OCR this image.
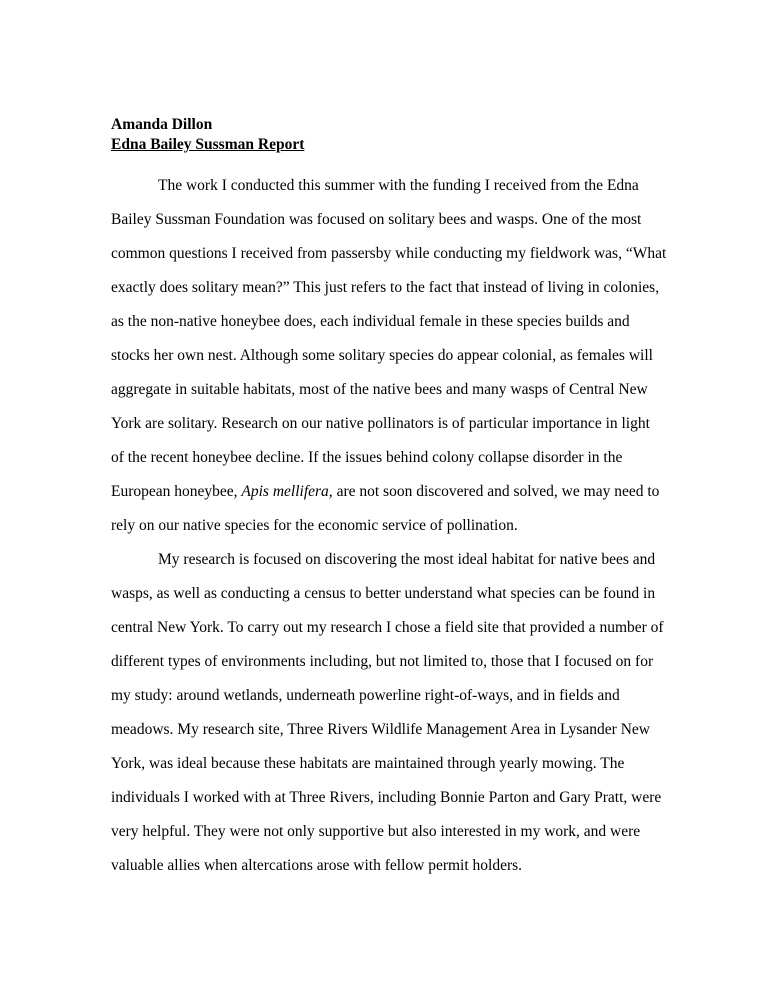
Amanda Dillon
Edna Bailey Sussman Report
The work I conducted this summer with the funding I received from the Edna
Bailey Sussman Foundation was focused on solitary bees and wasps. One of the most
common questions I received from passersby while conducting my fieldwork was, “What
exactly does solitary mean?” This just refers to the fact that instead of living in colonies,
as the non-native honeybee does, each individual female in these species builds and
stocks her own nest. Although some solitary species do appear colonial, as females will
aggregate in suitable habitats, most of the native bees and many wasps of Central New
York are solitary. Research on our native pollinators is of particular importance in light
of the recent honeybee decline. If the issues behind colony collapse disorder in the
European honeybee, Apis mellifera, are not soon discovered and solved, we may need to
rely on our native species for the economic service of pollination.
My research is focused on discovering the most ideal habitat for native bees and
wasps, as well as conducting a census to better understand what species can be found in
central New York. To carry out my research I chose a field site that provided a number of
different types of environments including, but not limited to, those that I focused on for
my study: around wetlands, underneath powerline right-of-ways, and in fields and
meadows. My research site, Three Rivers Wildlife Management Area in Lysander New
York, was ideal because these habitats are maintained through yearly mowing. The
individuals I worked with at Three Rivers, including Bonnie Parton and Gary Pratt, were
very helpful. They were not only supportive but also interested in my work, and were
valuable allies when altercations arose with fellow permit holders.
